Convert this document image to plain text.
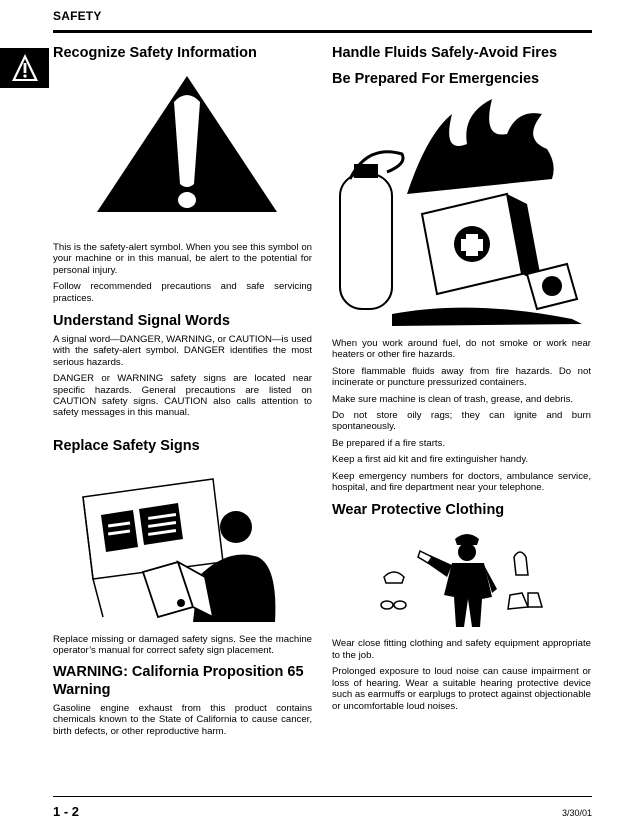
SAFETY
Recognize Safety Information

This is the safety-alert symbol. When you see this symbol on your machine or in this manual, be alert to the potential for personal injury.

Follow recommended precautions and safe servicing practices.

Understand Signal Words

A signal word—DANGER, WARNING, or CAUTION—is used with the safety-alert symbol. DANGER identifies the most serious hazards.

DANGER or WARNING safety signs are located near specific hazards. General precautions are listed on CAUTION safety signs. CAUTION also calls attention to safety messages in this manual.

Replace Safety Signs

Replace missing or damaged safety signs. See the machine operator’s manual for correct safety sign placement.

WARNING: California Proposition 65 Warning

Gasoline engine exhaust from this product contains chemicals known to the State of California to cause cancer, birth defects, or other reproductive harm.

Handle Fluids Safely-Avoid Fires
Be Prepared For Emergencies

When you work around fuel, do not smoke or work near heaters or other fire hazards.

Store flammable fluids away from fire hazards. Do not incinerate or puncture pressurized containers.

Make sure machine is clean of trash, grease, and debris.

Do not store oily rags; they can ignite and burn spontaneously.

Be prepared if a fire starts.

Keep a first aid kit and fire extinguisher handy.

Keep emergency numbers for doctors, ambulance service, hospital, and fire department near your telephone.

Wear Protective Clothing

Wear close fitting clothing and safety equipment appropriate to the job.

Prolonged exposure to loud noise can cause impairment or loss of hearing. Wear a suitable hearing protective device such as earmuffs or earplugs to protect against objectionable or uncomfortable loud noises.

1 - 2	3/30/01
